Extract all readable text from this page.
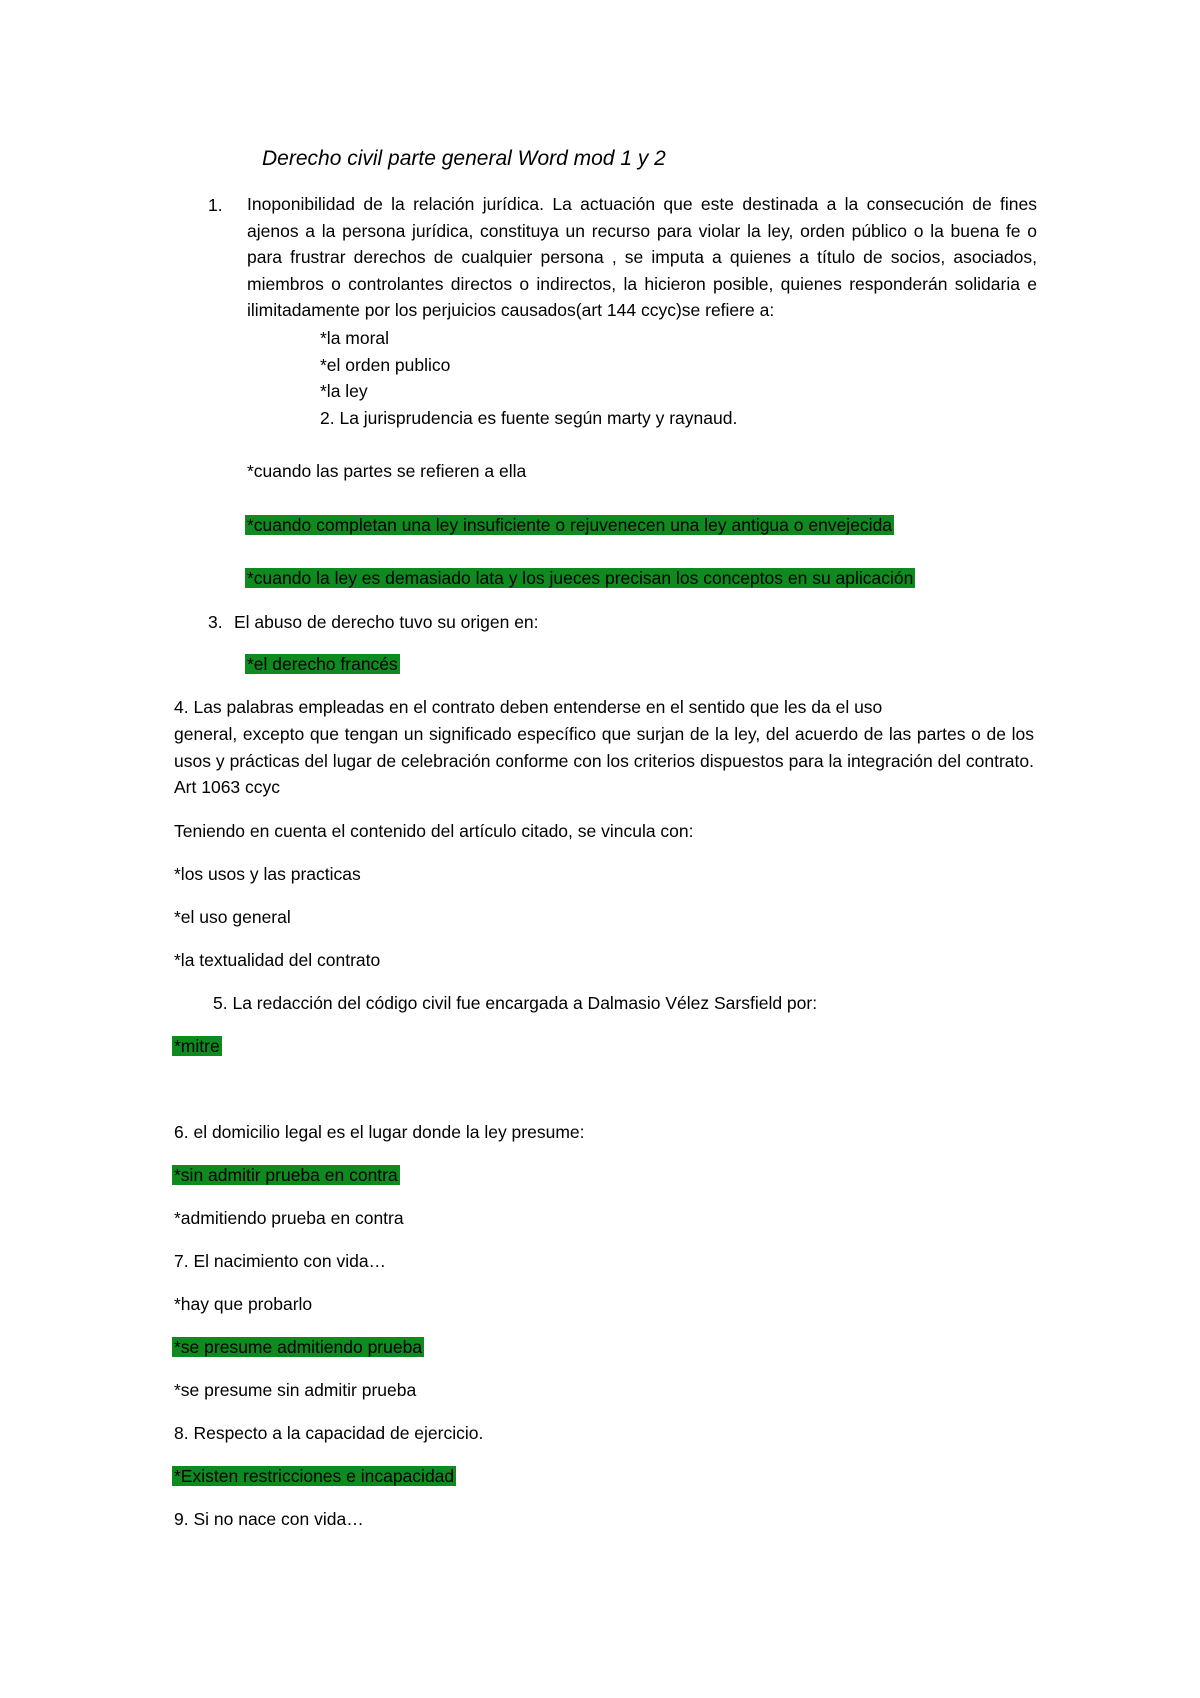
Derecho civil parte general Word mod 1 y 2
1. Inoponibilidad de la relación jurídica. La actuación que este destinada a la consecución de fines ajenos a la persona jurídica, constituya un recurso para violar la ley, orden público o la buena fe o para frustrar derechos de cualquier persona , se imputa a quienes a título de socios, asociados, miembros o controlantes directos o indirectos, la hicieron posible, quienes responderán solidaria e ilimitadamente por los perjuicios causados(art 144 ccyc)se refiere a:
*la moral
*el orden publico
*la ley
2. La jurisprudencia es fuente según marty y raynaud.
*cuando las partes se refieren a ella
*cuando completan una ley insuficiente o rejuvenecen una ley antigua o envejecida
*cuando la ley es demasiado lata y los jueces precisan los conceptos en su aplicación
3. El abuso de derecho tuvo su origen en:
*el derecho francés
4. Las palabras empleadas en el contrato deben entenderse en el sentido que les da el uso
general, excepto que tengan un significado específico que surjan de la ley, del acuerdo de las partes o de los usos y prácticas del lugar de celebración conforme con los criterios dispuestos para la integración del contrato. Art 1063 ccyc
Teniendo en cuenta el contenido del artículo citado, se vincula con:
*los usos y las practicas
*el uso general
*la textualidad del contrato
5. La redacción del código civil fue encargada a Dalmasio Vélez Sarsfield por:
*mitre
6. el domicilio legal es el lugar donde la ley presume:
*sin admitir prueba en contra
*admitiendo prueba en contra
7. El nacimiento con vida…
*hay que probarlo
*se presume admitiendo prueba
*se presume sin admitir prueba
8. Respecto a la capacidad de ejercicio.
*Existen restricciones e incapacidad
9. Si no nace con vida…
